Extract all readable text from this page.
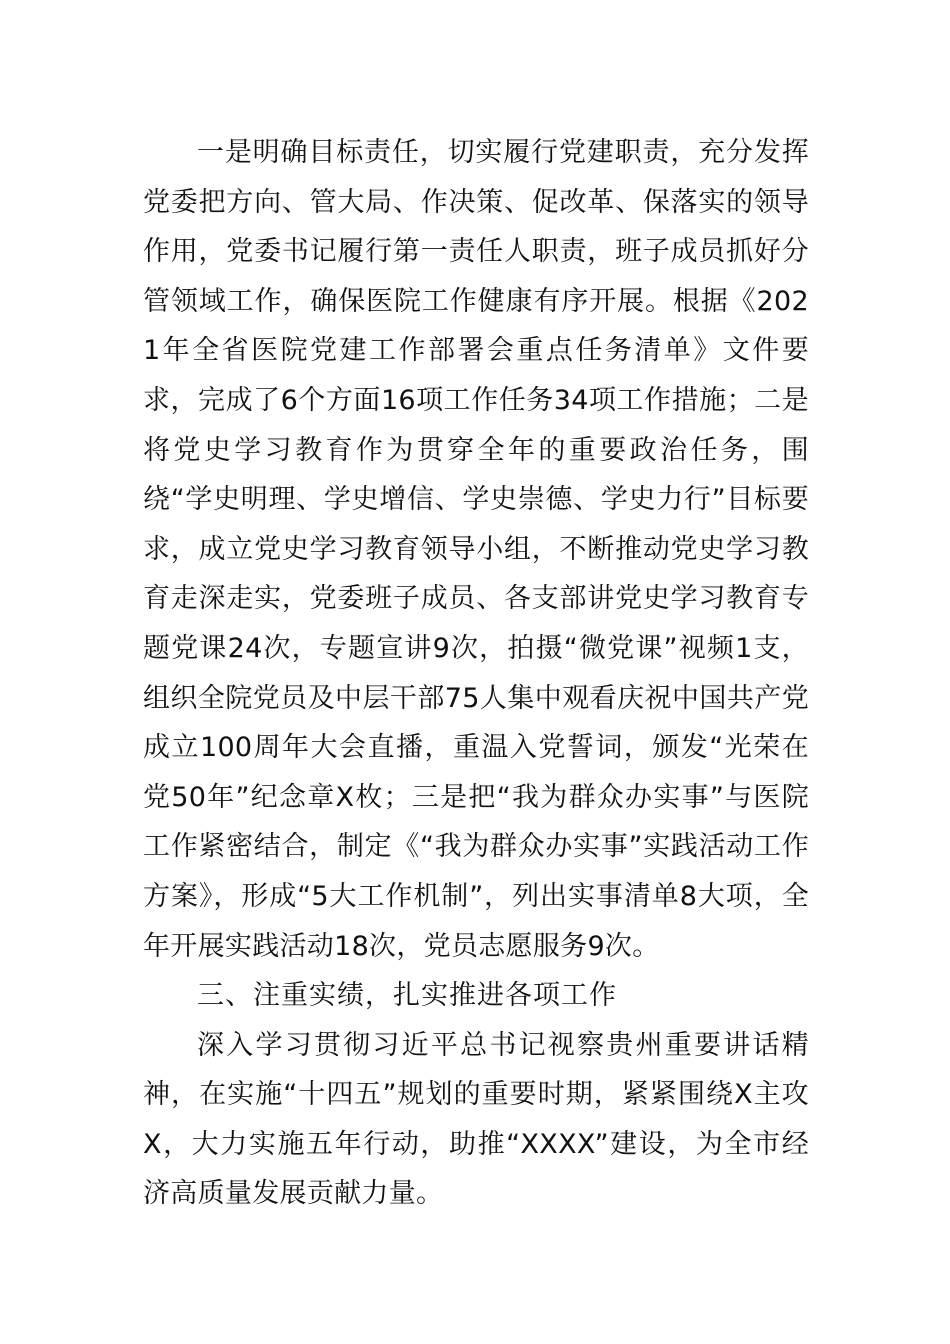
一是明确目标责任，切实履行党建职责，充分发挥党委把方向、管大局、作决策、促改革、保落实的领导作用，党委书记履行第一责任人职责，班子成员抓好分管领域工作，确保医院工作健康有序开展。根据《2021年全省医院党建工作部署会重点任务清单》文件要求，完成了6个方面16项工作任务34项工作措施；二是将党史学习教育作为贯穿全年的重要政治任务，围绕“学史明理、学史增信、学史崇德、学史力行”目标要求，成立党史学习教育领导小组，不断推动党史学习教育走深走实，党委班子成员、各支部讲党史学习教育专题党课24次，专题宣讲9次，拍摄“微党课”视频1支，组织全院党员及中层干部75人集中观看庆祝中国共产党成立100周年大会直播，重温入党誓词，颁发“光荣在党50年”纪念章X枚；三是把“我为群众办实事”与医院工作紧密结合，制定《“我为群众办实事”实践活动工作方案》，形成“5大工作机制”，列出实事清单8大项，全年开展实践活动18次，党员志愿服务9次。

三、注重实绩，扎实推进各项工作

深入学习贯彻习近平总书记视察贵州重要讲话精神，在实施“十四五”规划的重要时期，紧紧围绕X主攻X，大力实施五年行动，助推“XXXX”建设，为全市经济高质量发展贡献力量。
